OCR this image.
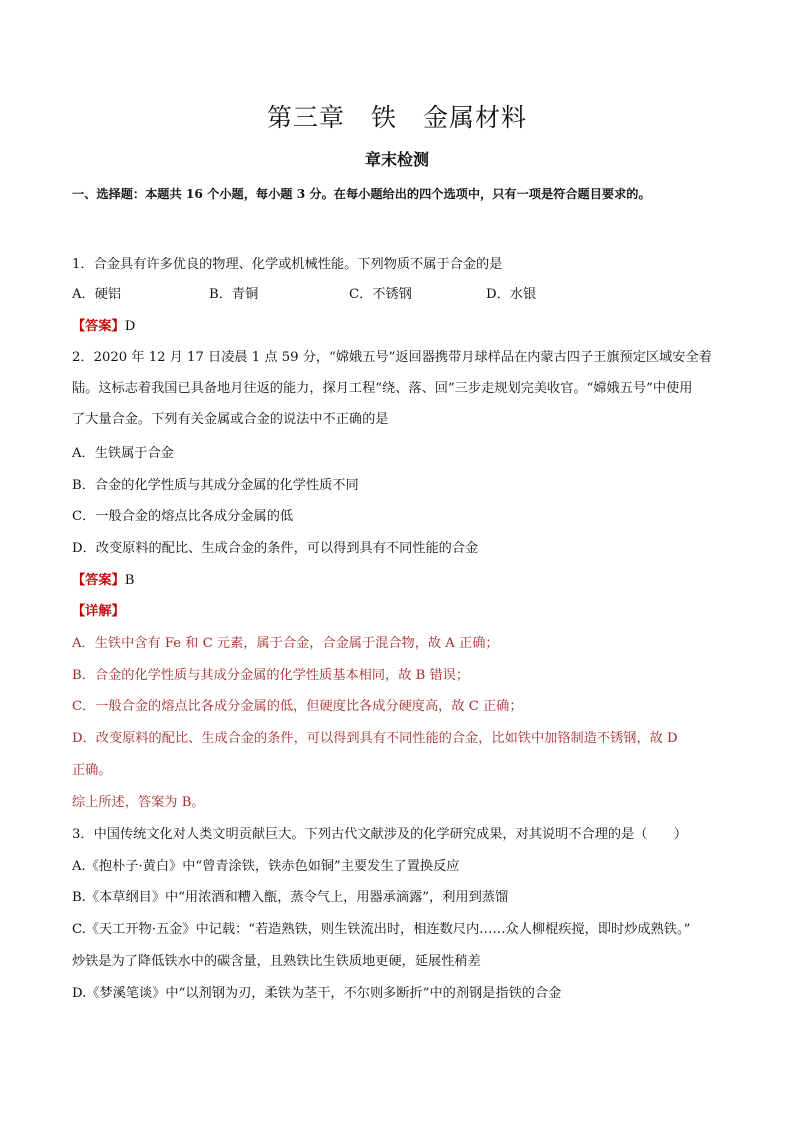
第三章　铁　金属材料
章末检测
一、选择题：本题共 16 个小题，每小题 3 分。在每小题给出的四个选项中，只有一项是符合题目要求的。
1．合金具有许多优良的物理、化学或机械性能。下列物质不属于合金的是
A．硬铝	B．青铜	C．不锈钢	D．水银
【答案】D
2．2020 年 12 月 17 日凌晨 1 点 59 分，“嫦娥五号”返回器携带月球样品在内蒙古四子王旗预定区域安全着
陆。这标志着我国已具备地月往返的能力，探月工程“绕、落、回”三步走规划完美收官。“嫦娥五号”中使用
了大量合金。下列有关金属或合金的说法中不正确的是
A．生铁属于合金
B．合金的化学性质与其成分金属的化学性质不同
C．一般合金的熔点比各成分金属的低
D．改变原料的配比、生成合金的条件，可以得到具有不同性能的合金
【答案】B
【详解】
A．生铁中含有 Fe 和 C 元素，属于合金，合金属于混合物，故 A 正确；
B．合金的化学性质与其成分金属的化学性质基本相同，故 B 错误；
C．一般合金的熔点比各成分金属的低，但硬度比各成分硬度高，故 C 正确；
D．改变原料的配比、生成合金的条件，可以得到具有不同性能的合金，比如铁中加铬制造不锈钢，故 D
正确。
综上所述，答案为 B。
3．中国传统文化对人类文明贡献巨大。下列古代文献涉及的化学研究成果，对其说明不合理的是（　　）
A.《抱朴子·黄白》中“曾青涂铁，铁赤色如铜”主要发生了置换反应
B.《本草纲目》中“用浓酒和糟入甑，蒸令气上，用器承滴露”，利用到蒸馏
C.《天工开物·五金》中记载：“若造熟铁，则生铁流出时，相连数尺内……众人柳棍疾搅，即时炒成熟铁。”
炒铁是为了降低铁水中的碳含量，且熟铁比生铁质地更硬，延展性稍差
D.《梦溪笔谈》中“以剂钢为刃，柔铁为茎干，不尔则多断折”中的剂钢是指铁的合金
